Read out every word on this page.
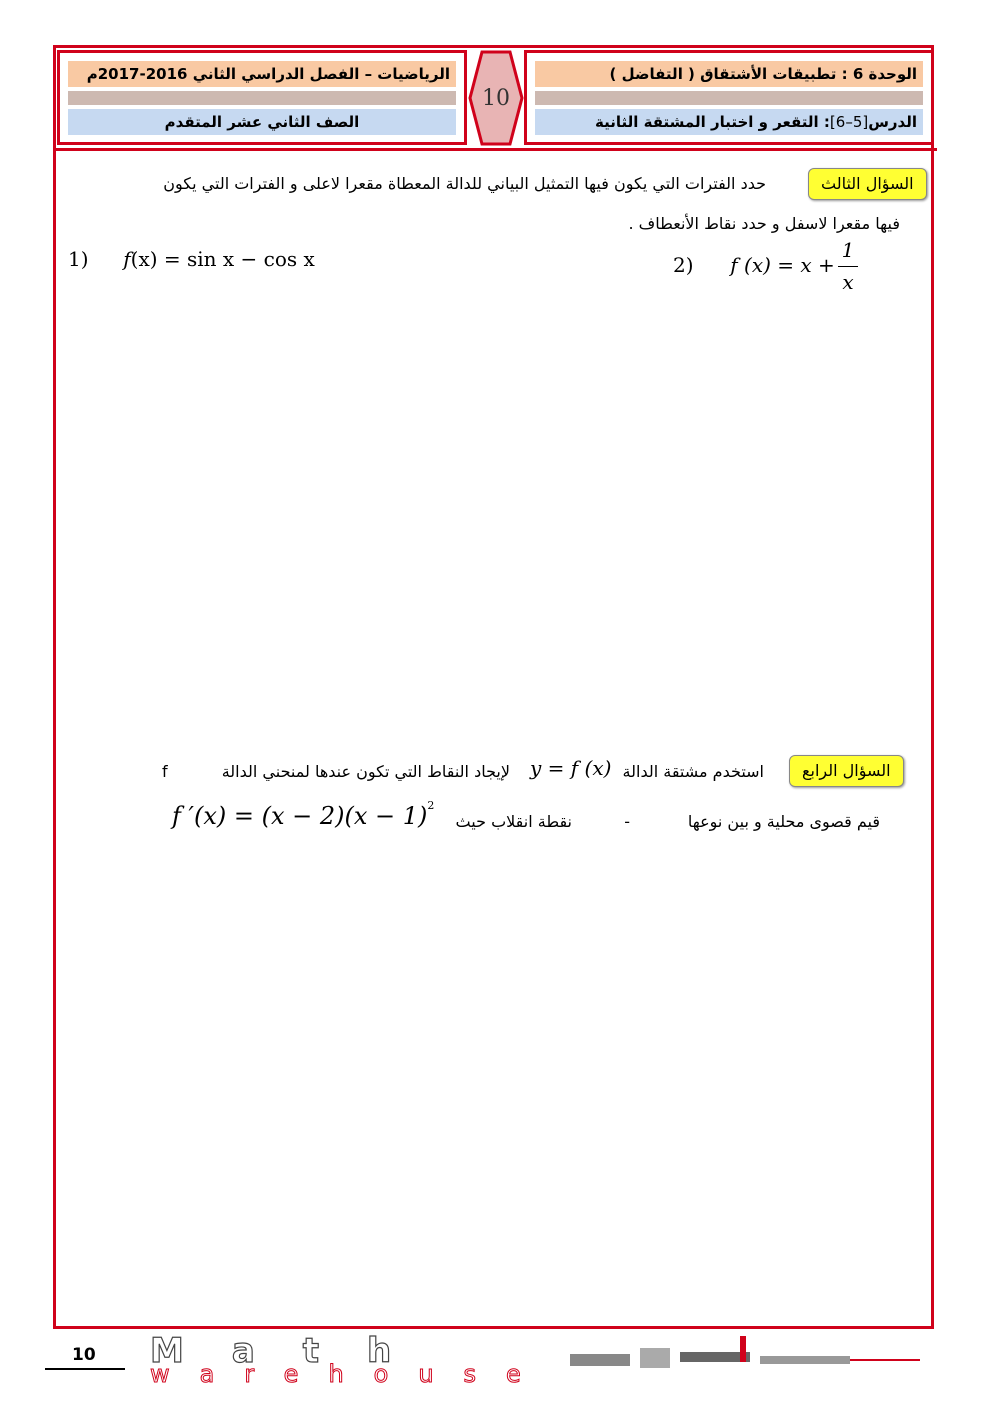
الرياضيات – الفصل الدراسي الثاني 2016-2017م
الصف الثاني عشر المتقدم
10
الوحدة 6 : تطبيقات الأشتقاق ( التفاضل )
الدرس[6–5]: التقعر و اختبار المشتقة الثانية
السؤال الثالث
حدد الفترات التي يكون فيها التمثيل البياني للدالة المعطاة مقعرا لاعلى و الفترات التي يكون
فيها مقعرا لاسفل و حدد نقاط الأنعطاف .
1) f(x) = sin x − cos x	2) f (x) = x +
1
x
السؤال الرابع
استخدم مشتقة الدالة
y = f (x)
لإيجاد النقاط التي تكون عندها لمنحني الدالة
f
قيم قصوى محلية و بين نوعها
-
نقطة انقلاب حيث
f $'(x) = (x - 2)(x - 1)^2$
10 Math
warehouse
